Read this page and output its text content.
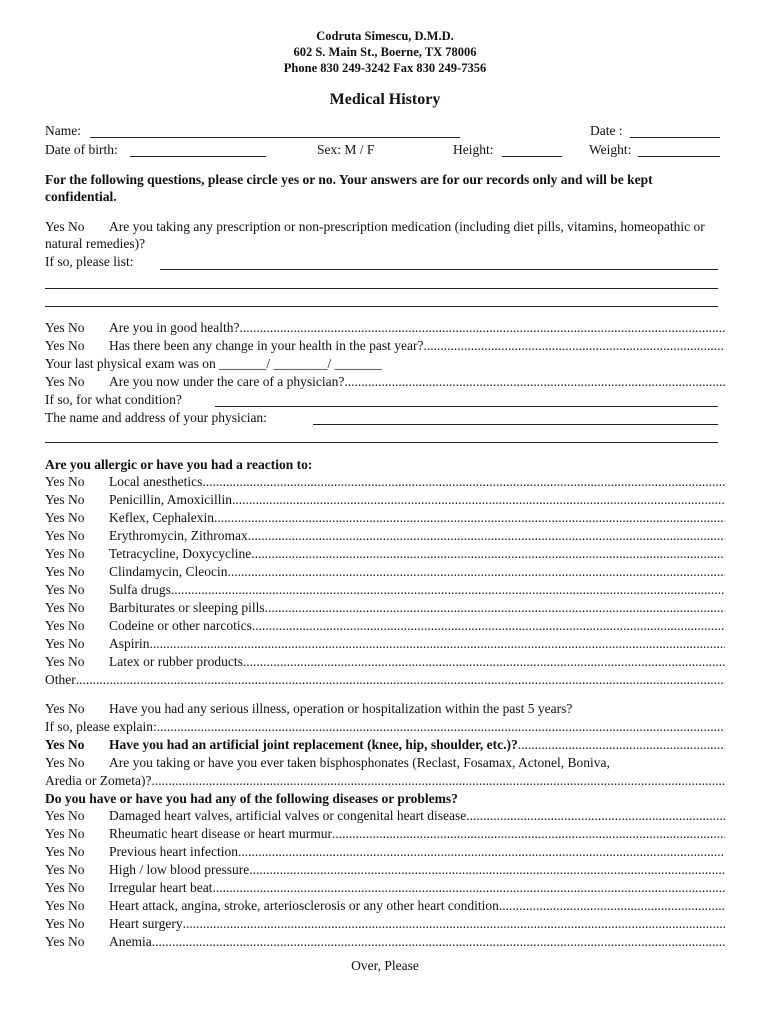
Codruta Simescu, D.M.D.
602 S. Main St., Boerne, TX 78006
Phone 830 249-3242 Fax 830 249-7356
Medical History
Name:	Date :
Date of birth:	Sex: M / F	Height:	Weight:
For the following questions, please circle yes or no. Your answers are for our records only and will be kept confidential.
Yes No Are you taking any prescription or non-prescription medication (including diet pills, vitamins, homeopathic or natural remedies)?
If so, please list:
Yes No	Are you in good health?
.....
Yes No	Has there been any change in your health in the past year?
.....
Your last physical exam was on _______/ ________/ _______
Yes No	Are you now under the care of a physician?
.....
If so, for what condition?
The name and address of your physician:
Are you allergic or have you had a reaction to:
Yes No	Local anesthetics
.....
Yes No	Penicillin, Amoxicillin
.....
Yes No	Keflex, Cephalexin
.....
Yes No	Erythromycin, Zithromax
.....
Yes No	Tetracycline, Doxycycline
.....
Yes No	Clindamycin, Cleocin
.....
Yes No	Sulfa drugs
.....
Yes No	Barbiturates or sleeping pills
.....
Yes No	Codeine or other narcotics
.....
Yes No	Aspirin
.....
Yes No	Latex or rubber products
.....
Other
.....
Yes No	Have you had any serious illness, operation or hospitalization within the past 5 years?
If so, please explain:
.....
Yes No	Have you had an artificial joint replacement (knee, hip, shoulder, etc.)?
.....
Yes No	Are you taking or have you ever taken bisphosphonates (Reclast, Fosamax, Actonel, Boniva,
Aredia or Zometa)?
.....
Do you have or have you had any of the following diseases or problems?
Yes No	Damaged heart valves, artificial valves or congenital heart disease
.....
Yes No	Rheumatic heart disease or heart murmur
.....
Yes No	Previous heart infection
.....
Yes No	High / low blood pressure
.....
Yes No	Irregular heart beat
.....
Yes No	Heart attack, angina, stroke, arteriosclerosis or any other heart condition
.....
Yes No	Heart surgery
.....
Yes No	Anemia
.....
Over, Please
